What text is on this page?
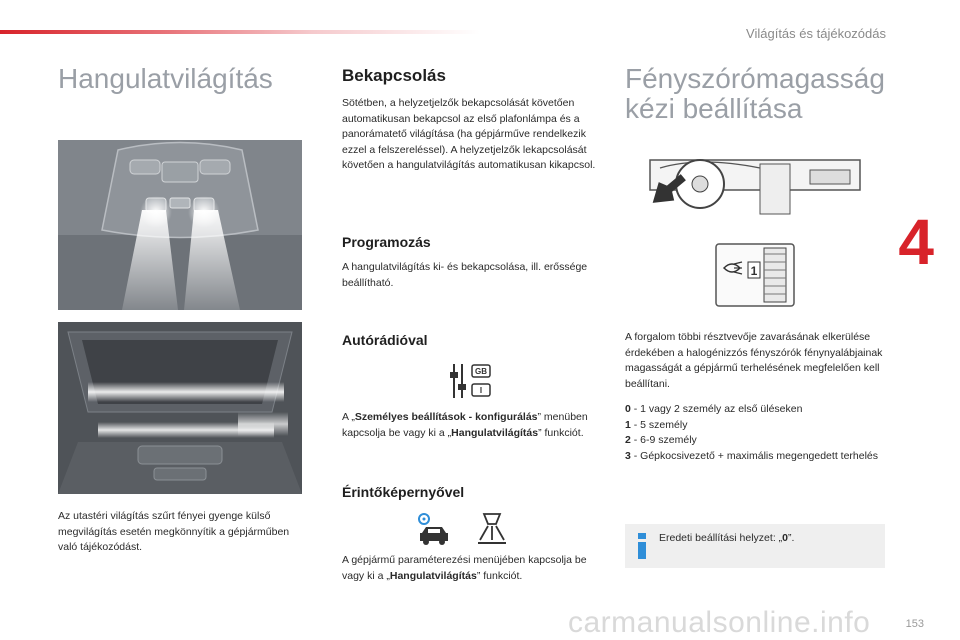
Világítás és tájékozódás
4
Hangulatvilágítás

Az utastéri világítás szűrt fényei gyenge külső megvilágítás esetén megkönnyítik a gépjárműben való tájékozódást.

Bekapcsolás

Sötétben, a helyzetjelzők bekapcsolását követően automatikusan bekapcsol az első plafonlámpa és a panorámatető világítása (ha gépjárműve rendelkezik ezzel a felszereléssel). A helyzetjelzők lekapcsolását követően a hangulatvilágítás automatikusan kikapcsol.

Programozás

A hangulatvilágítás ki- és bekapcsolása, ill. erőssége beállítható.

Autórádióval
GB
I

A „Személyes beállítások - konfigurálás” menüben kapcsolja be vagy ki a „Hangulatvilágítás” funkciót.

Érintőképernyővel

A gépjármű paraméterezési menüjében kapcsolja be vagy ki a „Hangulatvilágítás” funkciót.

Fényszórómagasság
kézi beállítása
1

A forgalom többi résztvevője zavarásának elkerülése érdekében a halogénizzós fényszórók fénynyalábjainak magasságát a gépjármű terhelésének megfelelően kell beállítani.

0 - 1 vagy 2 személy az első üléseken

1 - 5 személy

2 - 6-9 személy

3 - Gépkocsivezető + maximális megengedett terhelés

Eredeti beállítási helyzet: „0”.
153
carmanualsonline.info
